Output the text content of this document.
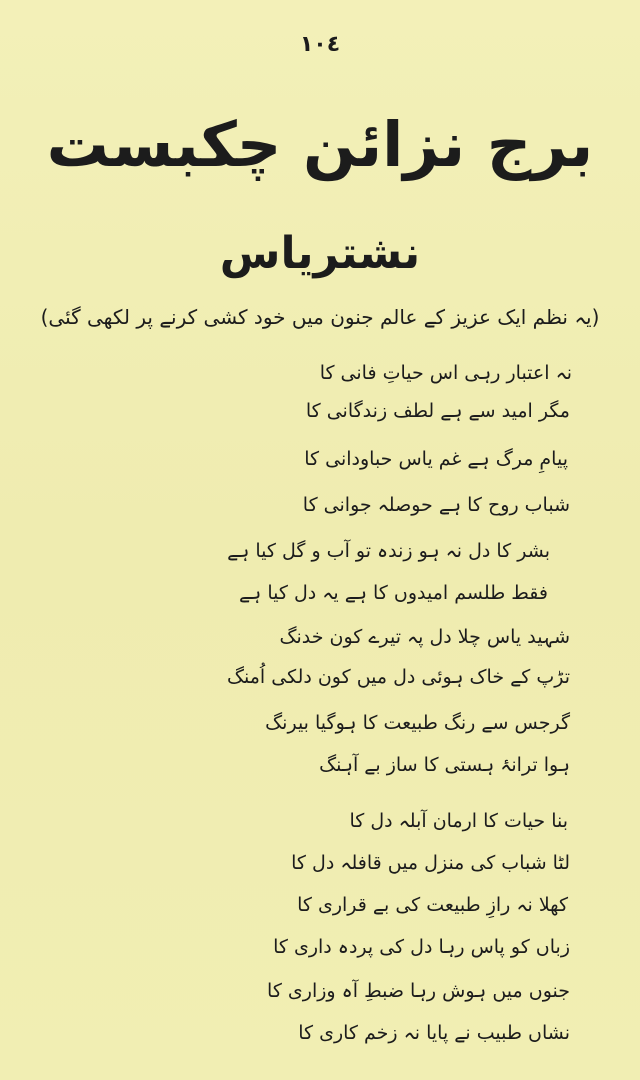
١٠٤
برج نزائن چکبست
نشتریاس
(یہ نظم ایک عزیز کے عالم جنون میں خود کشی کرنے پر لکھی گئی)
نہ اعتبار رہی اس حیاتِ فانی کا
مگر امید سے ہے لطف زندگانی کا
پیامِ مرگ ہے غم یاس حباودانی کا
شباب روح کا ہے حوصلہ جوانی کا
بشر کا دل نہ ہو زندہ تو آب و گل کیا ہے
فقط طلسم امیدوں کا ہے یہ دل کیا ہے
شہید یاس چلا دل پہ تیرے کون خدنگ
تڑپ کے خاک ہوئی دل میں کون دلکی اُمنگ
گرجس سے رنگ طبیعت کا ہوگیا بیرنگ
ہوا ترانۂ ہستی کا ساز بے آہنگ
بنا حیات کا ارمان آبلہ دل کا
لٹا شباب کی منزل میں قافلہ دل کا
کھلا نہ رازِ طبیعت کی بے قراری کا
زباں کو پاس رہا دل کی پردہ داری کا
جنوں میں ہوش رہا ضبطِ آہ وزاری کا
نشاں طبیب نے پایا نہ زخم کاری کا
